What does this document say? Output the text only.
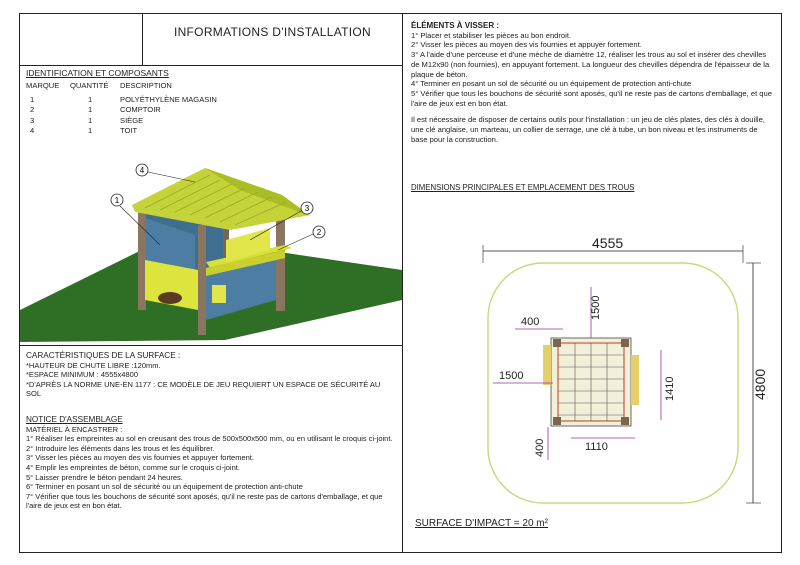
INFORMATIONS D'INSTALLATION
IDENTIFICATION ET COMPOSANTS
MARQUE QUANTITÉ DESCRIPTION
1	1	POLYÉTHYLÈNE MAGASIN
2	1	COMPTOIR
3	1	SIÈGE
4	1	TOIT
4
1
3
2
CARACTÉRISTIQUES DE LA SURFACE :
*HAUTEUR DE CHUTE LIBRE :120mm.
*ESPACE MINIMUM : 4555x4800
*D'APRÈS LA NORME UNE-EN 1177 : CE MODÈLE DE JEU REQUIERT UN ESPACE DE SÉCURITÉ AU SOL
NOTICE D'ASSEMBLAGE
MATÉRIEL À ENCASTRER :
1° Réaliser les empreintes au sol en creusant des trous de 500x500x500 mm, ou en utilisant le croquis ci-joint.
2° Introduire les éléments dans les trous et les équilibrer.
3° Visser les pièces au moyen des vis fournies et appuyer fortement.
4° Emplir les empreintes de béton, comme sur le croquis ci-joint.
5° Laisser prendre le béton pendant 24 heures.
6° Terminer en posant un sol de sécurité ou un équipement de protection anti-chute
7° Vérifier que tous les bouchons de sécurité sont aposés, qu'il ne reste pas de cartons d'emballage, et que l'aire de jeux est en bon état.

ÉLÉMENTS À VISSER :

1° Placer et stabiliser les pièces au bon endroit.

2° Visser les pièces au moyen des vis fournies et appuyer fortement.

3° A l'aide d'une perceuse et d'une mèche de diamètre 12, réaliser les trous au sol et insérer des chevilles de M12x90 (non fournies), en appuyant fortement. La longueur des chevilles dépendra de l'épaisseur de la plaque de béton.

4° Terminer en posant un sol de sécurité ou un équipement de protection anti-chute

5° Vérifier que tous les bouchons de sécurité sont aposés, qu'il ne reste pas de cartons d'emballage, et que l'aire de jeux est en bon état.

Il est nécessaire de disposer de certains outils pour l'installation : un jeu de clés plates, des clés à douille, une clé anglaise, un marteau, un collier de serrage, une clé à tube, un bon niveau et les instruments de base pour la construction.

DIMENSIONS PRINCIPALES ET EMPLACEMENT DES TROUS
4555
4800
400
1500
1500
1410
1110
400
SURFACE D'IMPACT = 20 m²
